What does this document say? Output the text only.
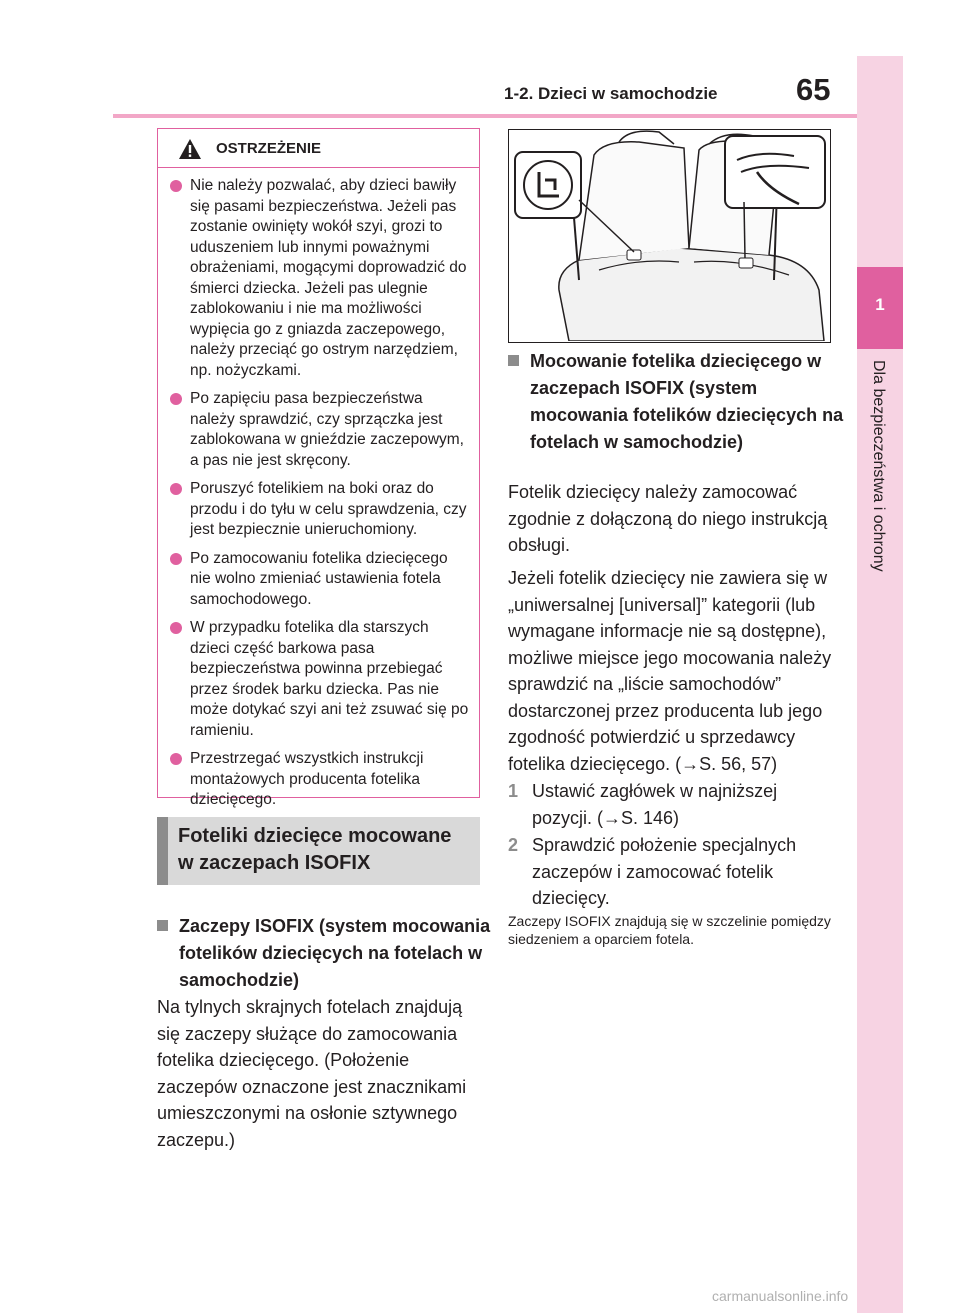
1-2. Dzieci w samochodzie	65
1
Dla bezpieczeństwa i ochrony
OSTRZEŻENIE
Nie należy pozwalać, aby dzieci bawiły się pasami bezpieczeństwa. Jeżeli pas zostanie owinięty wokół szyi, grozi to uduszeniem lub innymi poważnymi obrażeniami, mogącymi doprowadzić do śmierci dziecka. Jeżeli pas ulegnie zablokowaniu i nie ma możliwości wypięcia go z gniazda zaczepowego, należy przeciąć go ostrym narzędziem, np. nożyczkami.
Po zapięciu pasa bezpieczeństwa należy sprawdzić, czy sprzączka jest zablokowana w gnieździe zaczepowym, a pas nie jest skręcony.
Poruszyć fotelikiem na boki oraz do przodu i do tyłu w celu sprawdzenia, czy jest bezpiecznie unieruchomiony.
Po zamocowaniu fotelika dziecięcego nie wolno zmieniać ustawienia fotela samochodowego.
W przypadku fotelika dla starszych dzieci część barkowa pasa bezpieczeństwa powinna przebiegać przez środek barku dziecka. Pas nie może dotykać szyi ani też zsuwać się po ramieniu.
Przestrzegać wszystkich instrukcji montażowych producenta fotelika dziecięcego.
Foteliki dziecięce mocowane
w zaczepach ISOFIX
Zaczepy ISOFIX (system mocowania fotelików dziecięcych na fotelach w samochodzie)
Na tylnych skrajnych fotelach znajdują się zaczepy służące do zamocowania fotelika dziecięcego. (Położenie zaczepów oznaczone jest znacznikami umieszczonymi na osłonie sztywnego zaczepu.)
Mocowanie fotelika dziecięcego w zaczepach ISOFIX (system mocowania fotelików dziecięcych na fotelach w samochodzie)
Fotelik dziecięcy należy zamocować zgodnie z dołączoną do niego instrukcją obsługi.
Jeżeli fotelik dziecięcy nie zawiera się w „uniwersalnej [universal]” kategorii (lub wymagane informacje nie są dostępne), możliwe miejsce jego mocowania należy sprawdzić na „liście samochodów” dostarczonej przez producenta lub jego zgodność potwierdzić u sprzedawcy fotelika dziecięcego. (→S. 56, 57)
1 Ustawić zagłówek w najniższej pozycji. (→S. 146)
2 Sprawdzić położenie specjalnych zaczepów i zamocować fotelik dziecięcy.
Zaczepy ISOFIX znajdują się w szczelinie pomiędzy siedzeniem a oparciem fotela.
carmanualsonline.info
